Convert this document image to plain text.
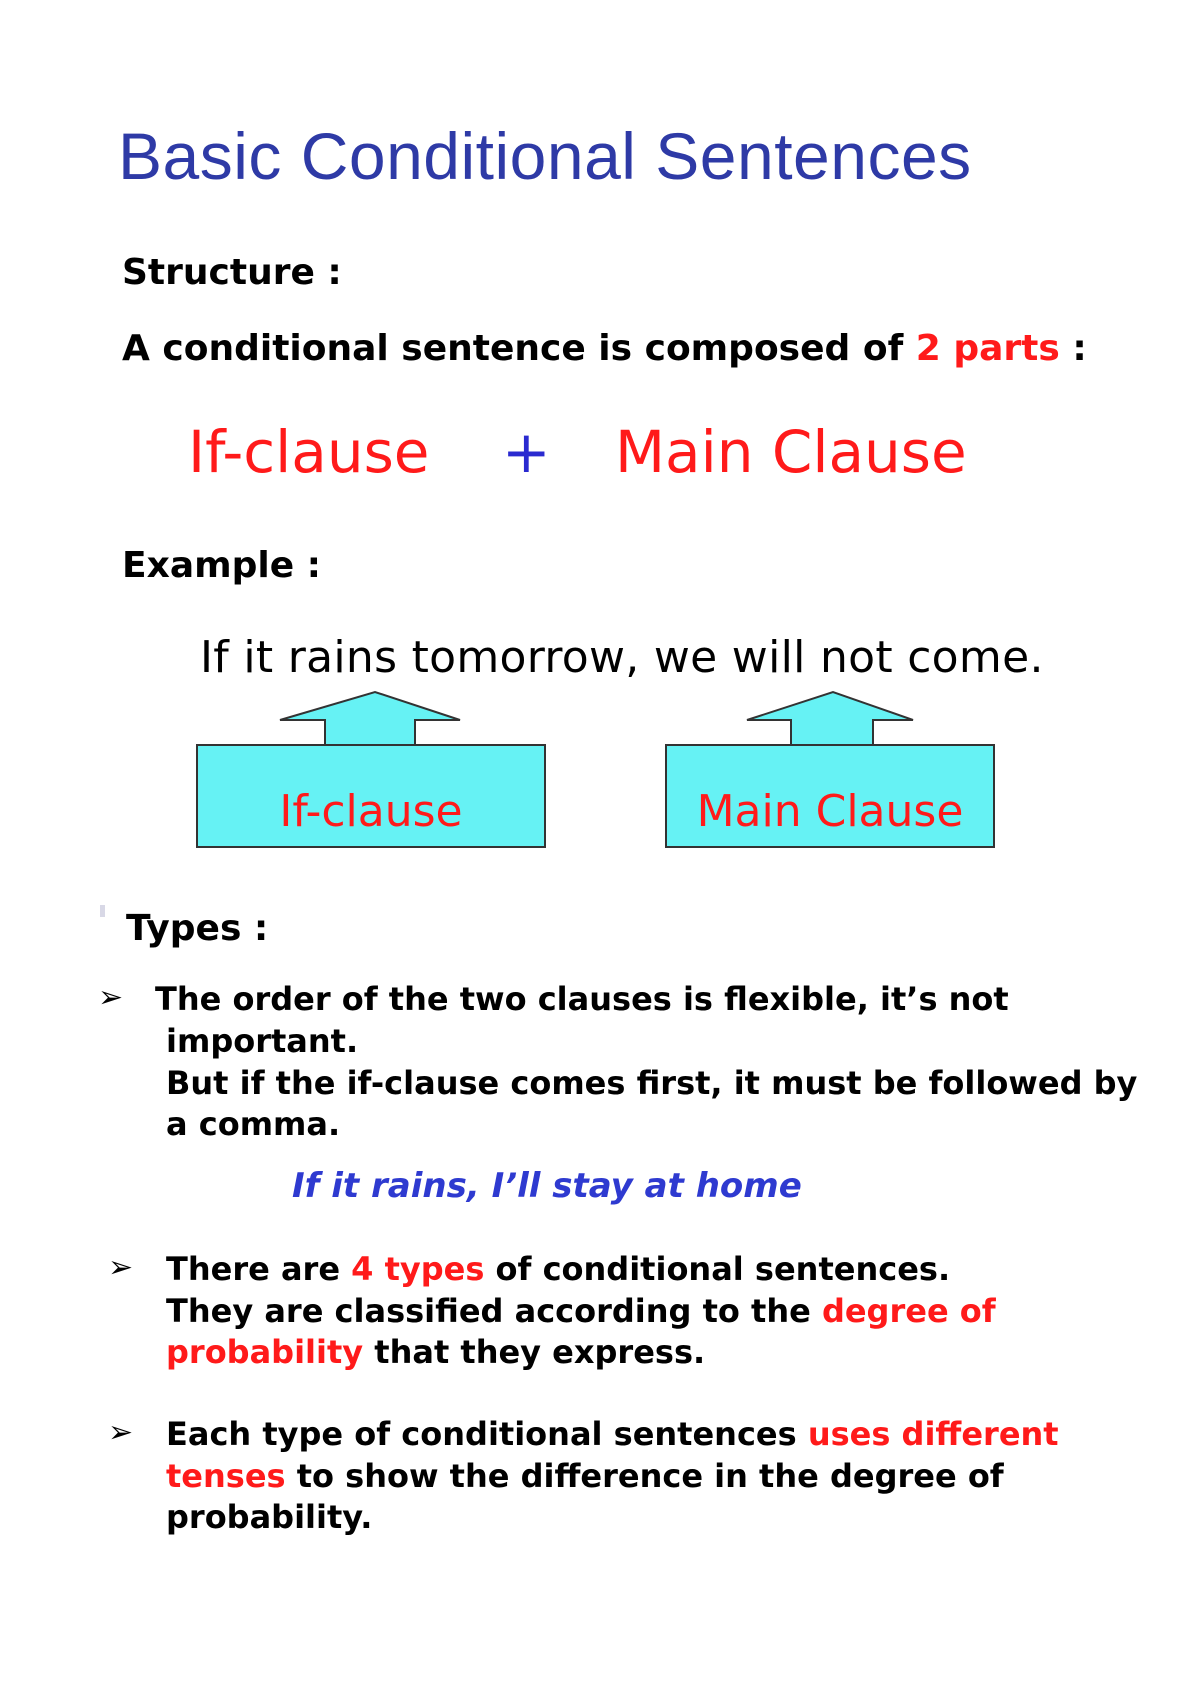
Basic Conditional Sentences
Structure :
A conditional sentence is composed of 2 parts :
If-clause + Main Clause
Example :
If it rains tomorrow, we will not come.
If-clause	Main Clause
Types :
➢ The order of the two clauses is flexible, it’s not
important.
But if the if-clause comes first, it must be followed by
a comma.
If it rains, I’ll stay at home
➢ There are 4 types of conditional sentences.
They are classified according to the degree of
probability that they express.
➢ Each type of conditional sentences uses different
tenses to show the difference in the degree of
probability.
